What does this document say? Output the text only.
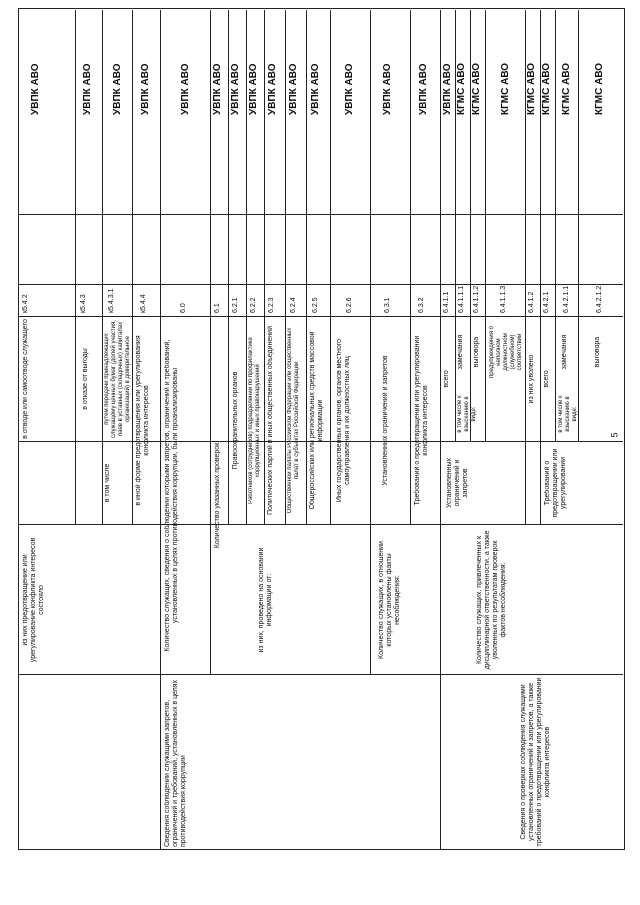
из них предотвращение или урегулирование конфликта интересов состояло
в отводе или самоотводе служащего
к5.4.2
УВПК АВО
в отказе от выгоды
к5.4.3
УВПК АВО
в том числе
путем передачи принадлежащих служащему ценных бумаг (долей участия, паев в уставных (складочных) капиталах организаций) в доверительное
к5.4.3.1
УВПК АВО
в иной форме предотвращения или урегулирования конфликта интересов
к5.4.4
УВПК АВО
Сведения соблюдении служащими запретов, ограничений и требований, установленных в целях противодействия коррупции
Количество служащих, сведения о соблюдении которыми запретов, ограничений и требований, установленных в целях противодействия коррупции, были проанализированы
6.0
УВПК АВО
Количество указанных проверок
6.1
УВПК АВО
из них, проведено на основании информации от:
Правоохранительных органов
6.2.1
УВПК АВО
Работников (сотрудников) подразделений по профилактике коррупционных и иных правонарушений
6.2.2
УВПК АВО
Политических партий и иных общественных объединений
6.2.3
УВПК АВО
Общественной палаты Российской Федерации или общественных палат в субъектах Российской Федерации
6.2.4
УВПК АВО
Общероссийских или региональных средств массовой информации
6.2.5
УВПК АВО
Иных государственных органов, органов местного самоуправления и их должностных лиц
6.2.6
УВПК АВО
Количество служащих, в отношении которых установлены факты несоблюдения:
Установленных ограничений и запретов
6.3.1
УВПК АВО
Требований о предотвращении или урегулировании конфликта интересов
6.3.2
УВПК АВО
Сведения о проверках соблюдения служащими установленных ограничений и запретов, а также требований о предотвращении или урегулировании конфликта интересов
Установленных ограничений и запретов
всего
6.4.1.1
УВПК АВО
в том числе к взысканию в виде:
замечания
6.4.1.1.1
КГМС АВО
выговора
6.4.1.1.2
КГМС АВО
предупреждения о неполном должностном (служебном) соответствии
6.4.1.1.3
КГМС АВО
Количество служащих, привлеченных к дисциплинарной ответственности, а также уволенных по результатам проверок фактов несоблюдения:
из них уволено
6.4.1.2
КГМС АВО
Требований о предотвращении или урегулировании
всего
6.4.2.1
КГМС АВО
в том числе к взысканию в виде:
замечания
6.4.2.1.1
КГМС АВО
выговора
6.4.2.1.2
КГМС АВО
5
